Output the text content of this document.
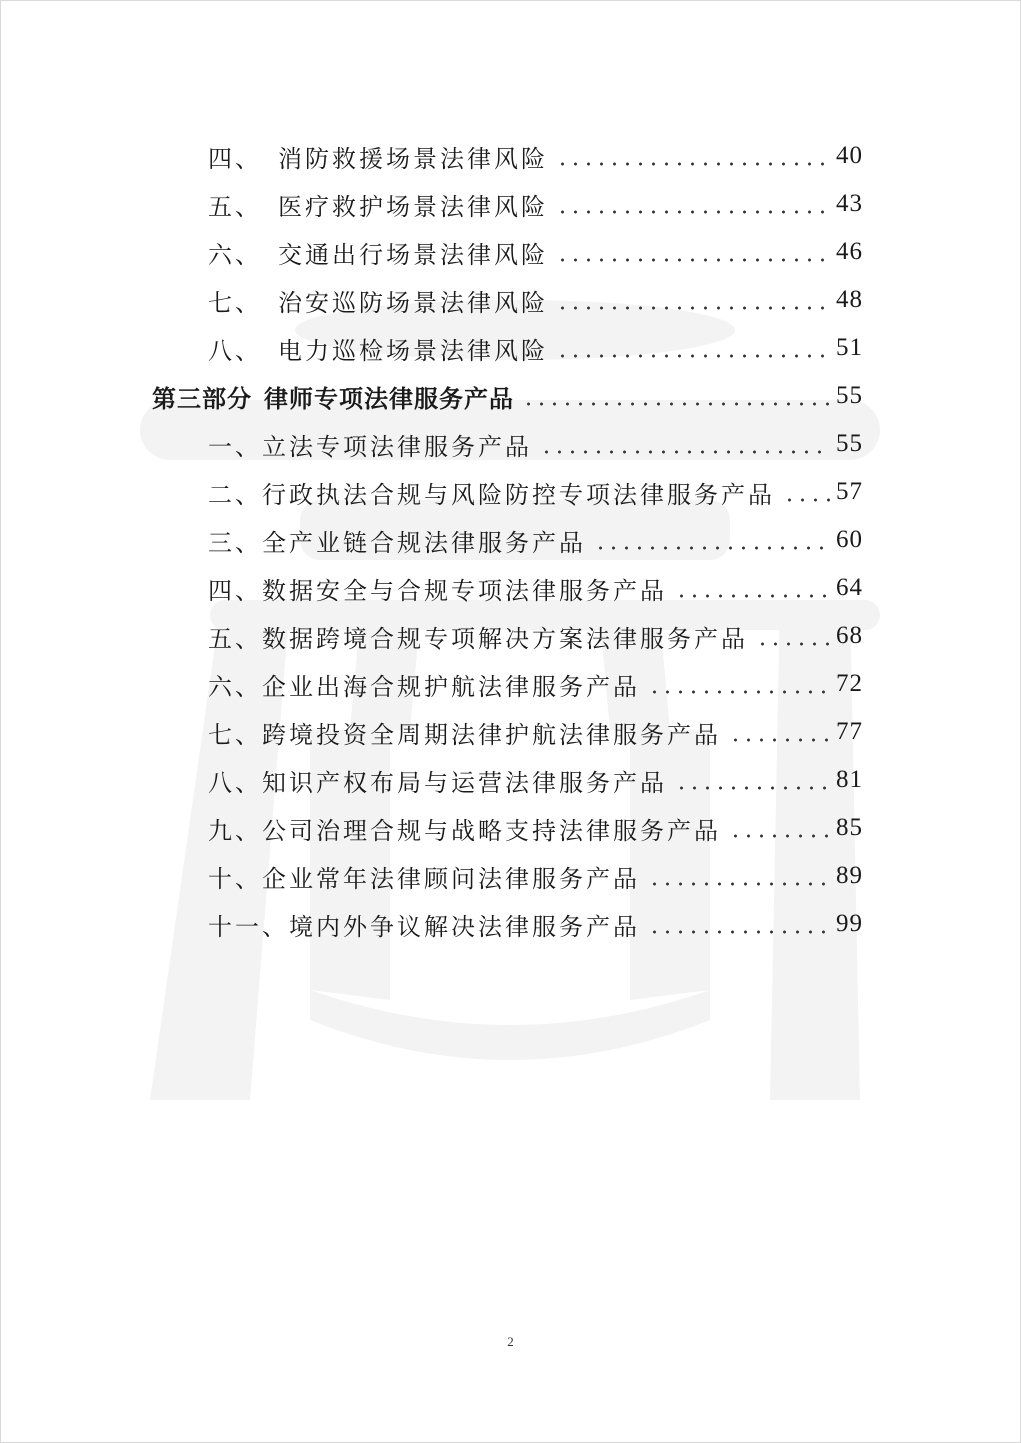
四、 消防救援场景法律风险	40
五、 医疗救护场景法律风险	43
六、 交通出行场景法律风险	46
七、 治安巡防场景法律风险	48
八、 电力巡检场景法律风险	51
第三部分 律师专项法律服务产品	55
一、 立法专项法律服务产品	55
二、 行政执法合规与风险防控专项法律服务产品 57
三、 全产业链合规法律服务产品	60
四、 数据安全与合规专项法律服务产品	64
五、 数据跨境合规专项解决方案法律服务产品	68
六、 企业出海合规护航法律服务产品	72
七、 跨境投资全周期法律护航法律服务产品	77
八、 知识产权布局与运营法律服务产品	81
九、 公司治理合规与战略支持法律服务产品	85
十、 企业常年法律顾问法律服务产品	89
十一、 境内外争议解决法律服务产品	99
2
